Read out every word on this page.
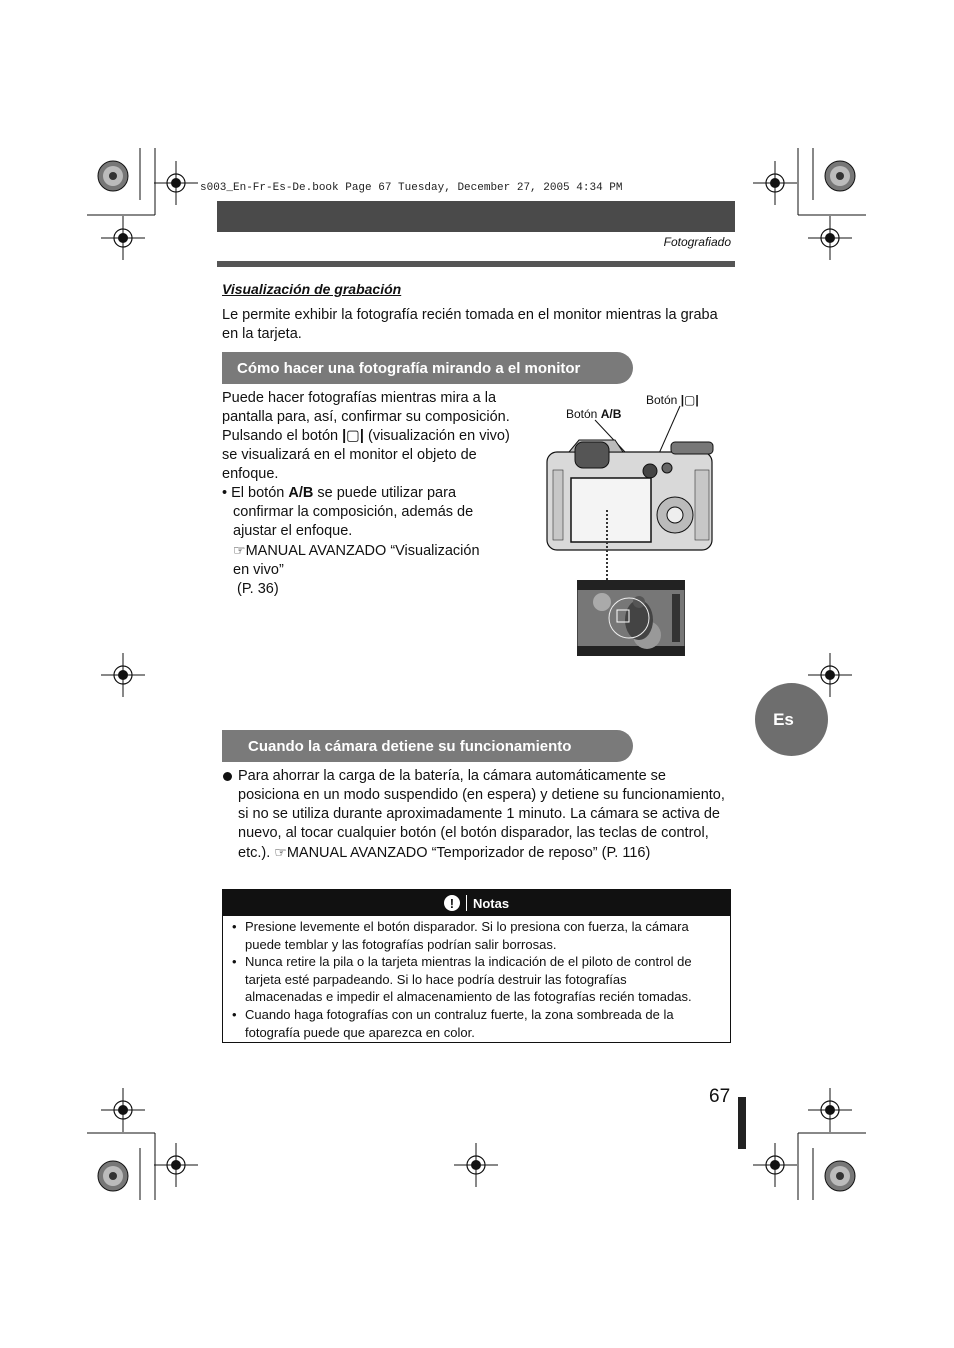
s003_En-Fr-Es-De.book Page 67 Tuesday, December 27, 2005 4:34 PM
Fotografiado
Visualización de grabación
Le permite exhibir la fotografía recién tomada en el monitor mientras la graba
en la tarjeta.
Cómo hacer una fotografía mirando a el monitor
Puede hacer fotografías mientras mira a la
pantalla para, así, confirmar su composición.
Pulsando el botón |▢| (visualización en vivo)
se visualizará en el monitor el objeto de
enfoque.
• El botón A/B se puede utilizar para
confirmar la composición, además de
ajustar el enfoque.
☞MANUAL AVANZADO “Visualización
en vivo”
(P. 36)
Botón A/B
Botón |▢|
Es
Cuando la cámara detiene su funcionamiento
Para ahorrar la carga de la batería, la cámara automáticamente se
posiciona en un modo suspendido (en espera) y detiene su funcionamiento,
si no se utiliza durante aproximadamente 1 minuto. La cámara se activa de
nuevo, al tocar cualquier botón (el botón disparador, las teclas de control,
etc.). ☞MANUAL AVANZADO “Temporizador de reposo” (P. 116)
!	Notas
• Presione levemente el botón disparador. Si lo presiona con fuerza, la cámara
puede temblar y las fotografías podrían salir borrosas.
• Nunca retire la pila o la tarjeta mientras la indicación de el piloto de control de
tarjeta esté parpadeando. Si lo hace podría destruir las fotografías
almacenadas e impedir el almacenamiento de las fotografías recién tomadas.
• Cuando haga fotografías con un contraluz fuerte, la zona sombreada de la
fotografía puede que aparezca en color.
67
